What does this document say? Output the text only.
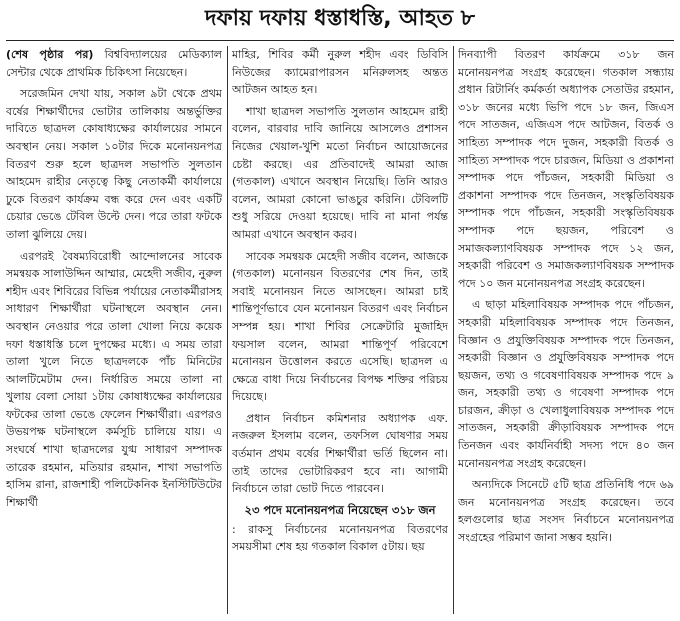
দফায় দফায় ধস্তাধস্তি, আহত ৮

(শেষ পৃষ্ঠার পর) বিশ্ববিদ্যালয়ের মেডিক্যাল সেন্টার থেকে প্রাথমিক চিকিৎসা নিয়েছেন।

সরেজমিন দেখা যায়, সকাল ৯টা থেকে প্রথম বর্ষের শিক্ষার্থীদের ভোটার তালিকায় অন্তর্ভুক্তির দাবিতে ছাত্রদল কোষাধ্যক্ষের কার্যালয়ের সামনে অবস্থান নেয়। সকাল ১০টার দিকে মনোনয়নপত্র বিতরণ শুরু হলে ছাত্রদল সভাপতি সুলতান আহমেদ রাহীর নেতৃত্বে কিছু নেতাকর্মী কার্যালয়ে ঢুকে বিতরণ কার্যক্রম বন্ধ করে দেন এবং একটি চেয়ার ভেঙে টেবিল উল্টে দেন। পরে তারা ফটকে তালা ঝুলিয়ে দেয়।

এরপরই বৈষম্যবিরোধী আন্দোলনের সাবেক সমন্বয়ক সালাউদ্দিন আম্মার, মেহেদী সজীব, নুরুল শহীদ এবং শিবিরের বিভিন্ন পর্যায়ের নেতাকর্মীরাসহ সাধারণ শিক্ষার্থীরা ঘটনাস্থলে অবস্থান নেন। অবস্থান নেওয়ার পরে তালা খোলা নিয়ে কয়েক দফা ধস্তাধস্তি চলে দুপক্ষের মধ্যে। এ সময় তারা তালা খুলে নিতে ছাত্রদলকে পাঁচ মিনিটের আলটিমেটাম দেন। নির্ধারিত সময়ে তালা না খুলায় বেলা সোয়া ১টায় কোষাধ্যক্ষের কার্যালয়ের ফটকের তালা ভেঙে ফেলেন শিক্ষার্থীরা। এরপরও উভয়পক্ষ ঘটনাস্থলে কর্মসূচি চালিয়ে যায়। এ সংঘর্ষে শাখা ছাত্রদলের যুগ্ম সাধারণ সম্পাদক তারেক রহমান, মতিয়ার রহমান, শাখা সভাপতি হাসিম রানা, রাজশাহী পলিটেকনিক ইনস্টিটিউটের শিক্ষার্থী

মাহির, শিবির কর্মী নুরুল শহীদ এবং ডিবিসি নিউজের ক্যামেরাপারসন মনিরুলসহ অন্তত আটজন আহত হন।

শাখা ছাত্রদল সভাপতি সুলতান আহমেদ রাহী বলেন, বারবার দাবি জানিয়ে আসলেও প্রশাসন নিজের খেয়াল-খুশি মতো নির্বাচন আয়োজনের চেষ্টা করছে। এর প্রতিবাদেই আমরা আজ (গতকাল) এখানে অবস্থান নিয়েছি। তিনি আরও বলেন, আমরা কোনো ভাঙচুর করিনি। টেবিলটি শুধু সরিয়ে দেওয়া হয়েছে। দাবি না মানা পর্যন্ত আমরা এখানে অবস্থান করব।

সাবেক সমন্বয়ক মেহেদী সজীব বলেন, আজকে (গতকাল) মনোনয়ন বিতরণের শেষ দিন, তাই সবাই মনোনয়ন নিতে আসছেন। আমরা চাই শান্তিপূর্ণভাবে যেন মনোনয়ন বিতরণ এবং নির্বাচন সম্পন্ন হয়। শাখা শিবির সেক্রেটারি মুজাহিদ ফয়সাল বলেন, আমরা শান্তিপূর্ণ পরিবেশে মনোনয়ন উত্তোলন করতে এসেছি। ছাত্রদল এ ক্ষেত্রে বাধা দিয়ে নির্বাচনের বিপক্ষ শক্তির পরিচয় দিয়েছে।

প্রধান নির্বাচন কমিশনার অধ্যাপক এফ. নজরুল ইসলাম বলেন, তফসিল ঘোষণার সময় বর্তমান প্রথম বর্ষের শিক্ষার্থীরা ভর্তি ছিলেন না। তাই তাদের ভোটারিকরণ হবে না। আগামী নির্বাচনে তারা ভোট দিতে পারবেন।

২৩ পদে মনোনয়নপত্র নিয়েছেন ৩১৮ জন

: রাকসু নির্বাচনের মনোনয়নপত্র বিতরণের সময়সীমা শেষ হয় গতকাল বিকাল ৫টায়। ছয়

দিনব্যাপী বিতরণ কার্যক্রমে ৩১৮ জন মনোনয়নপত্র সংগ্রহ করেছেন। গতকাল সন্ধ্যায় প্রধান রিটার্নিং কর্মকর্তা অধ্যাপক সেতাউর রহমান, ৩১৮ জনের মধ্যে ভিপি পদে ১৮ জন, জিএস পদে সাতজন, এজিএস পদে আটজন, বিতর্ক ও সাহিত্য সম্পাদক পদে দুজন, সহকারী বিতর্ক ও সাহিত্য সম্পাদক পদে চারজন, মিডিয়া ও প্রকাশনা সম্পাদক পদে পাঁচজন, সহকারী মিডিয়া ও প্রকাশনা সম্পাদক পদে তিনজন, সংস্কৃতিবিষয়ক সম্পাদক পদে পাঁচজন, সহকারী সংস্কৃতিবিষয়ক সম্পাদক পদে ছয়জন, পরিবেশ ও সমাজকল্যাণবিষয়ক সম্পাদক পদে ১২ জন, সহকারী পরিবেশ ও সমাজকল্যাণবিষয়ক সম্পাদক পদে ১০ জন মনোনয়নপত্র সংগ্রহ করেছেন।

এ ছাড়া মহিলাবিষয়ক সম্পাদক পদে পাঁচজন, সহকারী মহিলাবিষয়ক সম্পাদক পদে তিনজন, বিজ্ঞান ও প্রযুক্তিবিষয়ক সম্পাদক পদে তিনজন, সহকারী বিজ্ঞান ও প্রযুক্তিবিষয়ক সম্পাদক পদে ছয়জন, তথ্য ও গবেষণাবিষয়ক সম্পাদক পদে ৯ জন, সহকারী তথ্য ও গবেষণা সম্পাদক পদে চারজন, ক্রীড়া ও খেলাধুলাবিষয়ক সম্পাদক পদে সাতজন, সহকারী ক্রীড়াবিষয়ক সম্পাদক পদে তিনজন এবং কার্যনির্বাহী সদস্য পদে ৪০ জন মনোনয়নপত্র সংগ্রহ করেছেন।

অন্যদিকে সিনেটে ৫টি ছাত্র প্রতিনিধি পদে ৬৯ জন মনোনয়নপত্র সংগ্রহ করেছেন। তবে হলগুলোর ছাত্র সংসদ নির্বাচনে মনোনয়নপত্র সংগ্রহের পরিমাণ জানা সম্ভব হয়নি।
